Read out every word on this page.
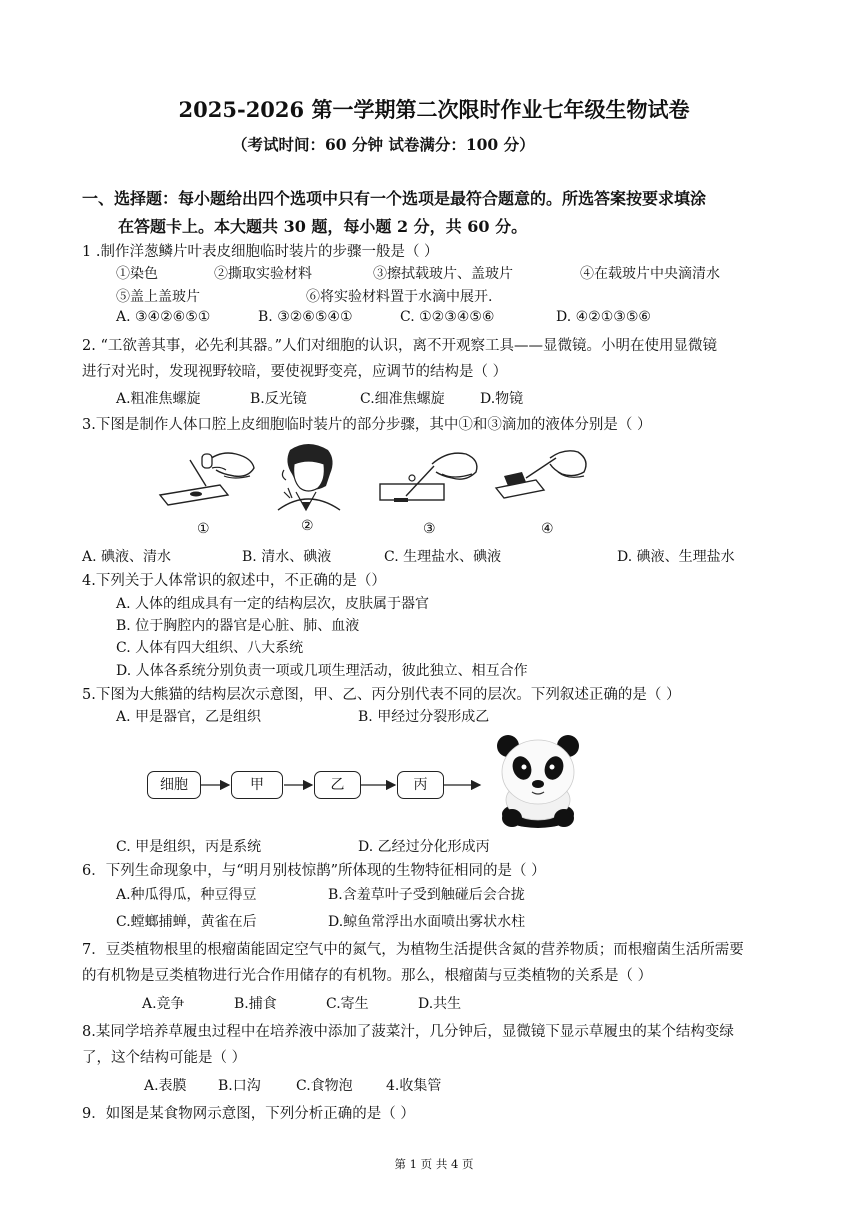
2025-2026 第一学期第二次限时作业七年级生物试卷
（考试时间：60 分钟 试卷满分：100 分）
一、选择题：每小题给出四个选项中只有一个选项是最符合题意的。所选答案按要求填涂
在答题卡上。本大题共 30 题，每小题 2 分，共 60 分。
1 .制作洋葱鳞片叶表皮细胞临时装片的步骤一般是（ ）
①染色	②撕取实验材料	③擦拭载玻片、盖玻片	④在载玻片中央滴清水
⑤盖上盖玻片	⑥将实验材料置于水滴中展开.
A. ③④②⑥⑤①	B. ③②⑥⑤④①	C. ①②③④⑤⑥	D. ④②①③⑤⑥
2. “工欲善其事，必先利其器。”人们对细胞的认识，离不开观察工具——显微镜。小明在使用显微镜
进行对光时，发现视野较暗，要使视野变亮，应调节的结构是（ ）
A.粗准焦螺旋	B.反光镜	C.细准焦螺旋	D.物镜
3.下图是制作人体口腔上皮细胞临时装片的部分步骤，其中①和③滴加的液体分别是（ ）
①	②	③	④
A. 碘液、清水	B. 清水、碘液	C. 生理盐水、碘液	D. 碘液、生理盐水
4.下列关于人体常识的叙述中，不正确的是（）
A. 人体的组成具有一定的结构层次，皮肤属于器官
B. 位于胸腔内的器官是心脏、肺、血液
C. 人体有四大组织、八大系统
D. 人体各系统分别负责一项或几项生理活动，彼此独立、相互合作
5.下图为大熊猫的结构层次示意图，甲、乙、丙分别代表不同的层次。下列叙述正确的是（ ）
A. 甲是器官，乙是组织	B. 甲经过分裂形成乙
细胞	甲	乙	丙
C. 甲是组织，丙是系统	D. 乙经过分化形成丙
6．下列生命现象中，与“明月别枝惊鹊”所体现的生物特征相同的是（ ）
A.种瓜得瓜，种豆得豆	B.含羞草叶子受到触碰后会合拢
C.螳螂捕蝉，黄雀在后	D.鲸鱼常浮出水面喷出雾状水柱
7．豆类植物根里的根瘤菌能固定空气中的氮气，为植物生活提供含氮的营养物质；而根瘤菌生活所需要
的有机物是豆类植物进行光合作用储存的有机物。那么，根瘤菌与豆类植物的关系是（ ）
A.竞争	B.捕食	C.寄生	D.共生
8.某同学培养草履虫过程中在培养液中添加了菠菜汁，几分钟后，显微镜下显示草履虫的某个结构变绿
了，这个结构可能是（ ）
A.表膜 B.口沟	C.食物泡 4.收集管
9．如图是某食物网示意图，下列分析正确的是（ ）
第 1 页 共 4 页
